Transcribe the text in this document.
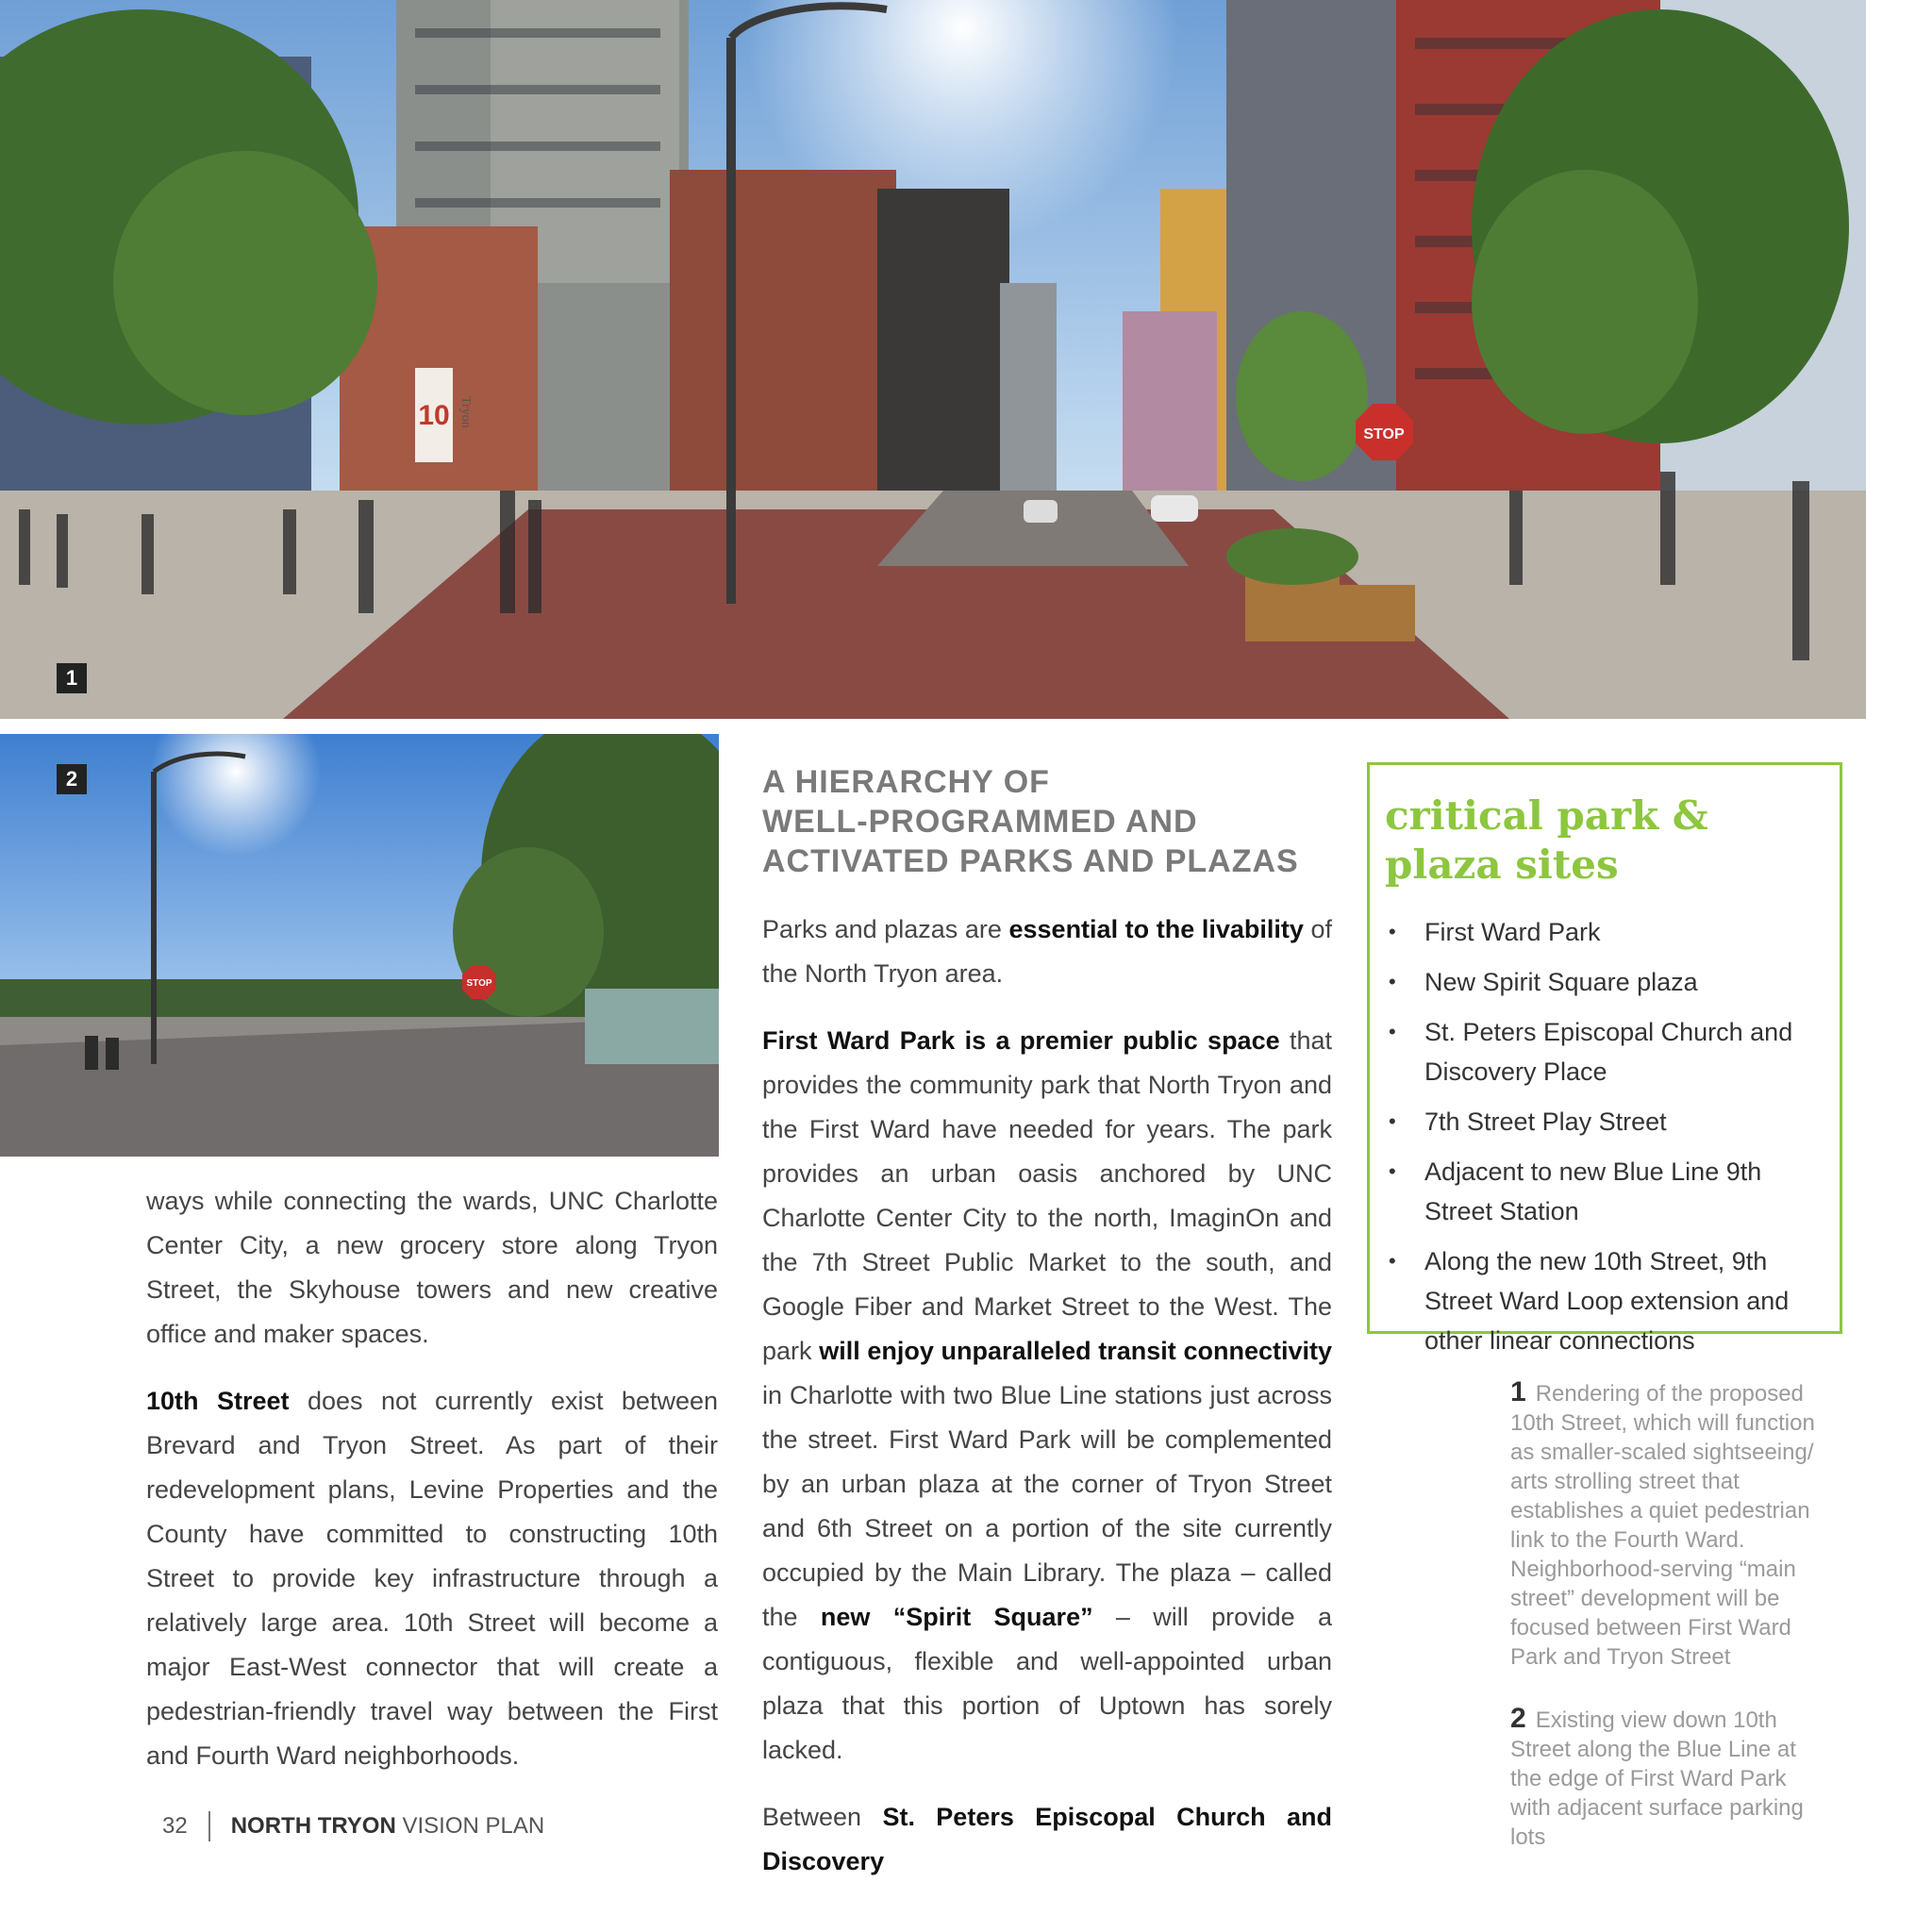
STOP
10 Tryon
1
STOP
2

ways while connecting the wards, UNC Charlotte Center City, a new grocery store along Tryon Street, the Skyhouse towers and new creative office and maker spaces.

10th Street does not currently exist between Brevard and Tryon Street. As part of their redevelopment plans, Levine Properties and the County have committed to constructing 10th Street to provide key infrastructure through a relatively large area. 10th Street will become a major East-West connector that will create a pedestrian-friendly travel way between the First and Fourth Ward neighborhoods.

A HIERARCHY OF
WELL-PROGRAMMED AND
ACTIVATED PARKS AND PLAZAS

Parks and plazas are essential to the livability of the North Tryon area.

First Ward Park is a premier public space that provides the community park that North Tryon and the First Ward have needed for years. The park provides an urban oasis anchored by UNC Charlotte Center City to the north, ImaginOn and the 7th Street Public Market to the south, and Google Fiber and Market Street to the West. The park will enjoy unparalleled transit connectivity in Charlotte with two Blue Line stations just across the street. First Ward Park will be complemented by an urban plaza at the corner of Tryon Street and 6th Street on a portion of the site currently occupied by the Main Library. The plaza – called the new “Spirit Square” – will provide a contiguous, flexible and well-appointed urban plaza that this portion of Uptown has sorely lacked.

Between St. Peters Episcopal Church and Discovery

critical park & plaza sites
• First Ward Park
• New Spirit Square plaza
• St. Peters Episcopal Church and Discovery Place
• 7th Street Play Street
• Adjacent to new Blue Line 9th Street Station
• Along the new 10th Street, 9th Street Ward Loop extension and other linear connections
1 Rendering of the proposed 10th Street, which will function as smaller-scaled sightseeing/ arts strolling street that establishes a quiet pedestrian link to the Fourth Ward. Neighborhood-serving “main street” development will be focused between First Ward Park and Tryon Street
2 Existing view down 10th Street along the Blue Line at the edge of First Ward Park with adjacent surface parking lots
32 NORTH TRYON VISION PLAN
